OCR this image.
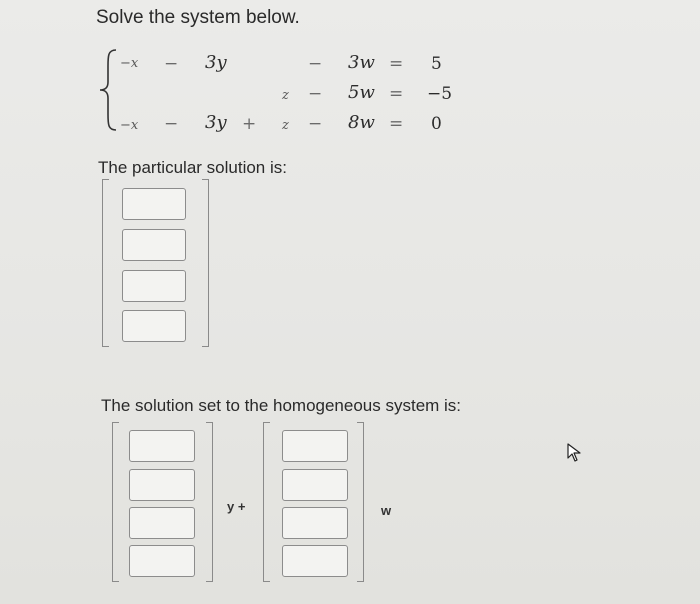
Solve the system below.
−x − 3y	− 3w = 5
z − 5w = −5
−x − 3y + z − 8w = 0
The particular solution is:
The solution set to the homogeneous system is:
y +	w
